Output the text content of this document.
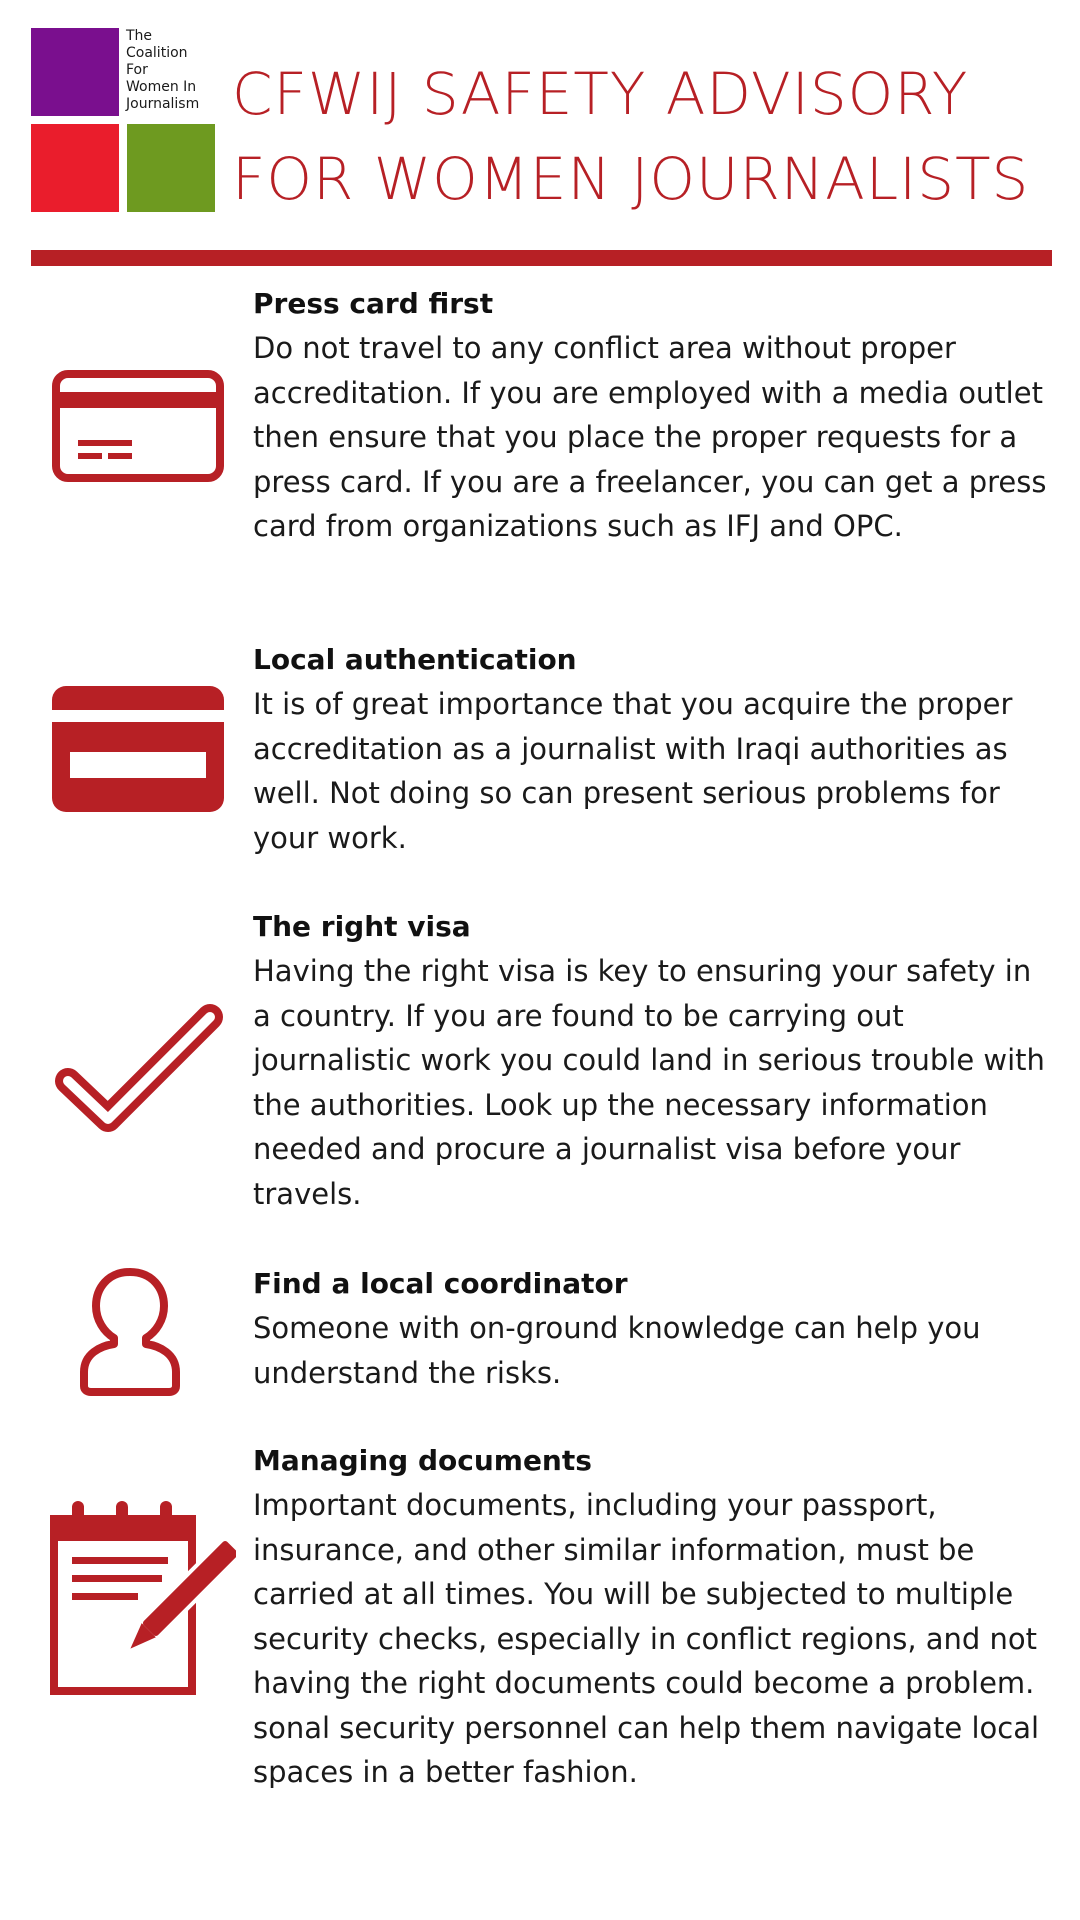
The
Coalition
For
Women In
Journalism CFWIJ SAFETY ADVISORY
FOR WOMEN JOURNALISTS
Press card first
Do not travel to any conflict area without proper accreditation. If you are employed with a media outlet then ensure that you place the proper requests for a press card. If you are a freelancer, you can get a press card from organizations such as IFJ and OPC.
Local authentication
It is of great importance that you acquire the proper accreditation as a journalist with Iraqi authorities as well. Not doing so can present serious problems for your work.
The right visa
Having the right visa is key to ensuring your safety in a country. If you are found to be carrying out journalistic work you could land in serious trouble with the authorities. Look up the necessary information needed and procure a journalist visa before your travels.
Find a local coordinator
Someone with on-ground knowledge can help you understand the risks.
Managing documents
Important documents, including your passport, insurance, and other similar information, must be carried at all times. You will be subjected to multiple security checks, especially in conflict regions, and not having the right documents could become a problem. sonal security personnel can help them navigate local spaces in a better fashion.
